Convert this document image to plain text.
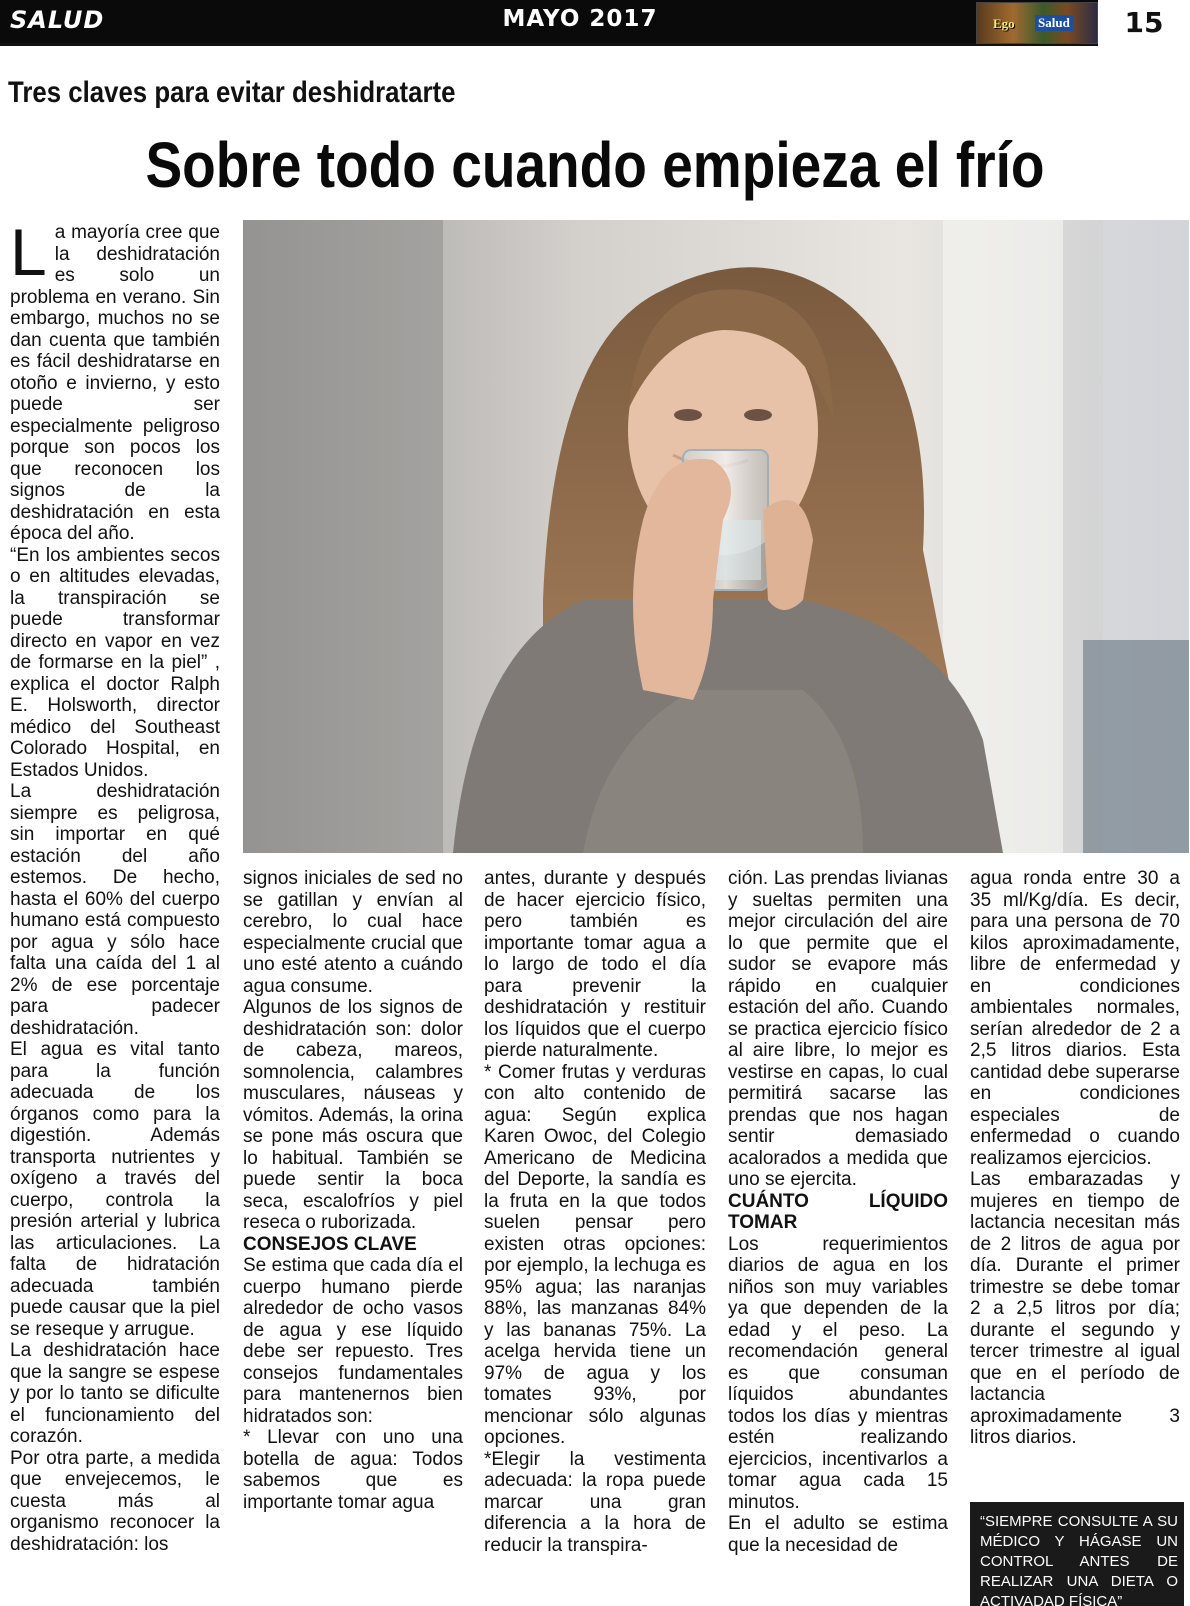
SALUD	MAYO 2017	Ego Salud	15
Tres claves para evitar deshidratarte
Sobre todo cuando empieza el frío

La mayoría cree que la deshidratación es solo un problema en verano. Sin embargo, muchos no se dan cuenta que también es fácil deshidratarse en otoño e invierno, y esto puede ser especialmente peligroso porque son pocos los que reconocen los signos de la deshidratación en esta época del año.

“En los ambientes secos o en altitudes elevadas, la transpiración se puede transformar directo en vapor en vez de formarse en la piel” , explica el doctor Ralph E. Holsworth, director médico del Southeast Colorado Hospital, en Estados Unidos.

La deshidratación siempre es peligrosa, sin importar en qué estación del año estemos. De hecho, hasta el 60% del cuerpo humano está compuesto por agua y sólo hace falta una caída del 1 al 2% de ese porcentaje para padecer deshidratación.

El agua es vital tanto para la función adecuada de los órganos como para la digestión. Además transporta nutrientes y oxígeno a través del cuerpo, controla la presión arterial y lubrica las articulaciones. La falta de hidratación adecuada también puede causar que la piel se reseque y arrugue.

La deshidratación hace que la sangre se espese y por lo tanto se dificulte el funcionamiento del corazón.

Por otra parte, a medida que envejecemos, le cuesta más al organismo reconocer la deshidratación: los

signos iniciales de sed no se gatillan y envían al cerebro, lo cual hace especialmente crucial que uno esté atento a cuándo agua consume.

Algunos de los signos de deshidratación son: dolor de cabeza, mareos, somnolencia, calambres musculares, náuseas y vómitos. Además, la orina se pone más oscura que lo habitual. También se puede sentir la boca seca, escalofríos y piel reseca o ruborizada.

CONSEJOS CLAVE

Se estima que cada día el cuerpo humano pierde alrededor de ocho vasos de agua y ese líquido debe ser repuesto. Tres consejos fundamentales para mantenernos bien hidratados son:

* Llevar con uno una botella de agua: Todos sabemos que es importante tomar agua

antes, durante y después de hacer ejercicio físico, pero también es importante tomar agua a lo largo de todo el día para prevenir la deshidratación y restituir los líquidos que el cuerpo pierde naturalmente.

* Comer frutas y verduras con alto contenido de agua: Según explica Karen Owoc, del Colegio Americano de Medicina del Deporte, la sandía es la fruta en la que todos suelen pensar pero existen otras opciones: por ejemplo, la lechuga es 95% agua; las naranjas 88%, las manzanas 84% y las bananas 75%. La acelga hervida tiene un 97% de agua y los tomates 93%, por mencionar sólo algunas opciones.

*Elegir la vestimenta adecuada: la ropa puede marcar una gran diferencia a la hora de reducir la transpira-

ción. Las prendas livianas y sueltas permiten una mejor circulación del aire lo que permite que el sudor se evapore más rápido en cualquier estación del año. Cuando se practica ejercicio físico al aire libre, lo mejor es vestirse en capas, lo cual permitirá sacarse las prendas que nos hagan sentir demasiado acalorados a medida que uno se ejercita.

CUÁNTO LÍQUIDO TOMAR

Los requerimientos diarios de agua en los niños son muy variables ya que dependen de la edad y el peso. La recomendación general es que consuman líquidos abundantes todos los días y mientras estén realizando ejercicios, incentivarlos a tomar agua cada 15 minutos.

En el adulto se estima que la necesidad de

agua ronda entre 30 a 35 ml/Kg/día. Es decir, para una persona de 70 kilos aproximadamente, libre de enfermedad y en condiciones ambientales normales, serían alrededor de 2 a 2,5 litros diarios. Esta cantidad debe superarse en condiciones especiales de enfermedad o cuando realizamos ejercicios.

Las embarazadas y mujeres en tiempo de lactancia necesitan más de 2 litros de agua por día. Durante el primer trimestre se debe tomar 2 a 2,5 litros por día; durante el segundo y tercer trimestre al igual que en el período de lactancia aproximadamente 3 litros diarios.

“SIEMPRE CONSULTE A SU MÉDICO Y HÁGASE UN CONTROL ANTES DE REALIZAR UNA DIETA O ACTIVADAD FÍSICA”
